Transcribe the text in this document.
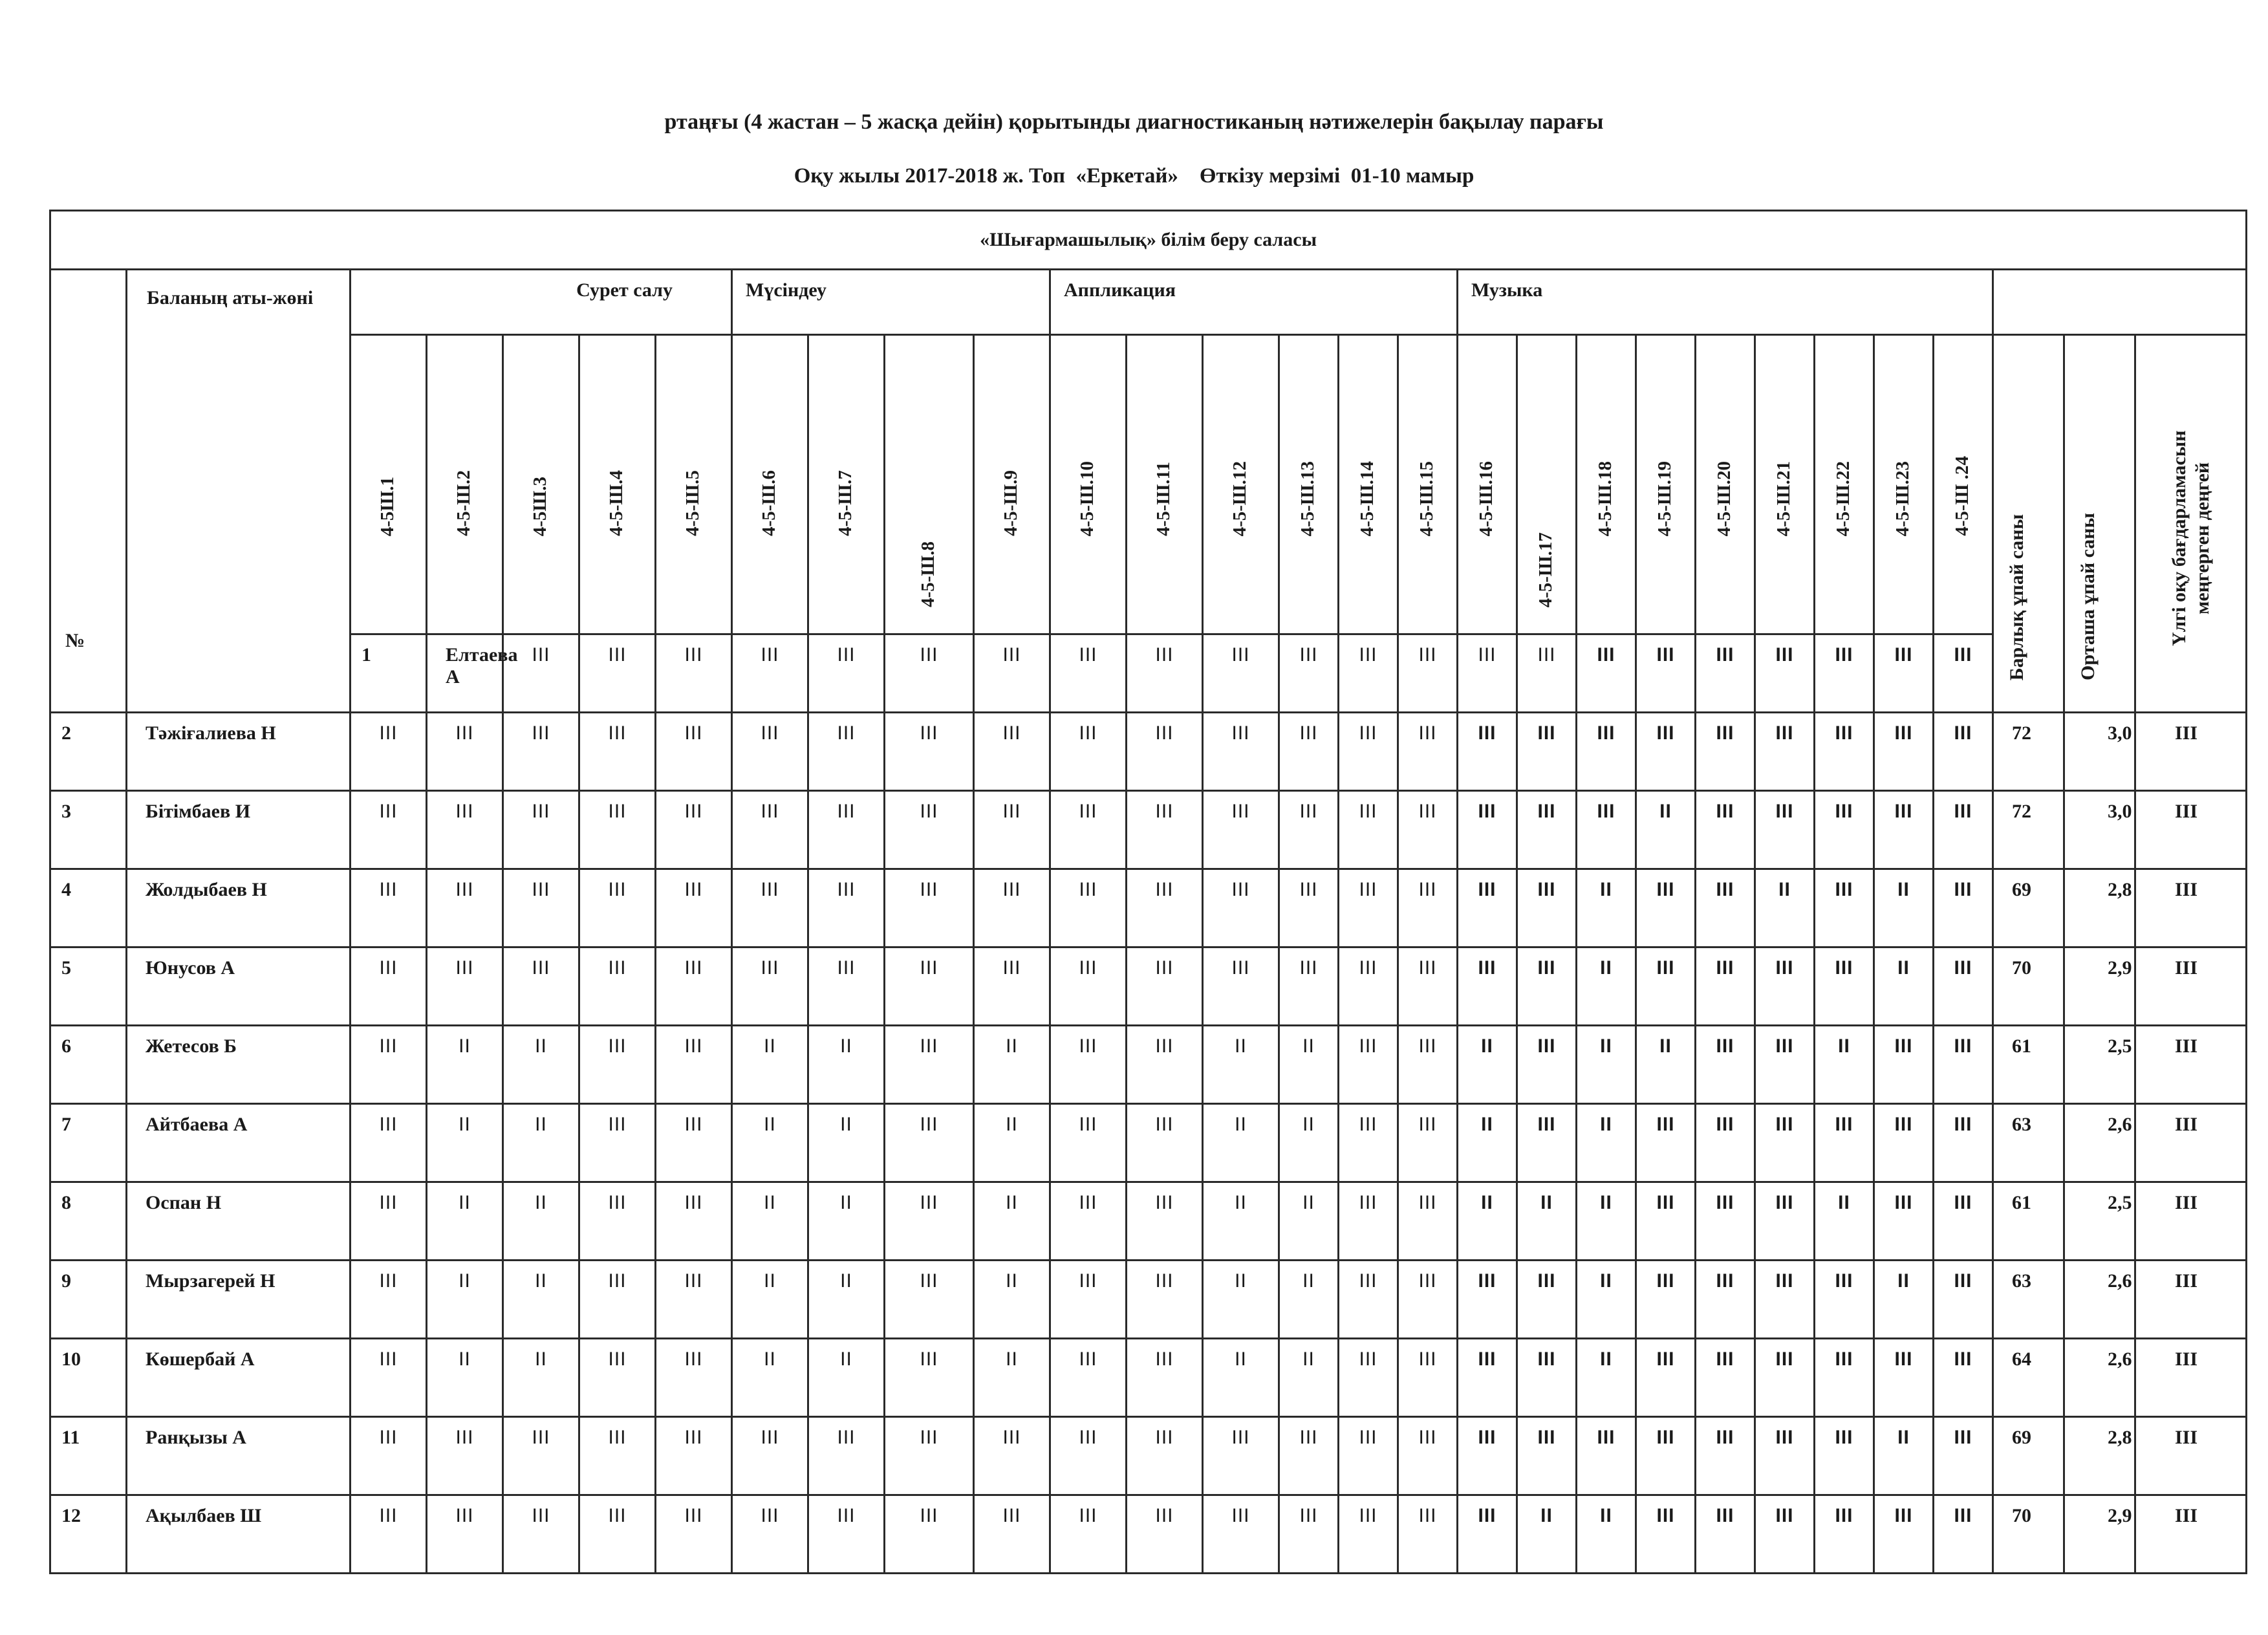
ртаңғы (4 жастан – 5 жасқа дейін) қорытынды диагностиканың нәтижелерін бақылау парағы
Оқу жылы 2017-2018 ж. Топ  «Еркетай»    Өткізу мерзімі  01-10 мамыр
«Шығармашылық» білім беру саласы																													
№	Баланың аты-жөні	Сурет салу					Мүсіндеу				Аппликация						Музыка												

		4-5Ш.1	4-5-Ш.2	4-5Ш.3	4-5-Ш.4	4-5-Ш.5	4-5-Ш.6	4-5-Ш.7	4-5-Ш.8	4-5-Ш.9	4-5-Ш.10	4-5-Ш.11	4-5-Ш.12	4-5-Ш.13	4-5-Ш.14	4-5-Ш.15	4-5-Ш.16	4-5-Ш.17	4-5-Ш.18	4-5-Ш.19	4-5-Ш.20	4-5-Ш.21	4-5-Ш.22	4-5-Ш.23	4-5-Ш .24	Барлық ұпай саны	Орташа ұпай саны	Үлгі оқу бағдарламасын меңгерген деңгей	

		1	Елтаева А	III	III	III	III	III	III	III	III	III	III	III	III	III	III	III	III	III	III	III	III	III	III					
2	Тәжіғалиева Н	III	III	III	III	III	III	III	III	III	III	III	III	III	III	III	III	III	III	III	III	III	III	III	III	72	3,0	III	
3	Бітімбаев И	III	III	III	III	III	III	III	III	III	III	III	III	III	III	III	III	III	III	II	III	III	III	III	III	72	3,0	III	
4	Жолдыбаев Н	III	III	III	III	III	III	III	III	III	III	III	III	III	III	III	III	III	II	III	III	II	III	II	III	69	2,8	III	
5	Юнусов А	III	III	III	III	III	III	III	III	III	III	III	III	III	III	III	III	III	II	III	III	III	III	II	III	70	2,9	III	
6	Жетесов Б	III	II	II	III	III	II	II	III	II	III	III	II	II	III	III	II	III	II	II	III	III	II	III	III	61	2,5	III	
7	Айтбаева А	III	II	II	III	III	II	II	III	II	III	III	II	II	III	III	II	III	II	III	III	III	III	III	III	63	2,6	III	
8	Оспан Н	III	II	II	III	III	II	II	III	II	III	III	II	II	III	III	II	II	II	III	III	III	II	III	III	61	2,5	III	
9	Мырзагерей Н	III	II	II	III	III	II	II	III	II	III	III	II	II	III	III	III	III	II	III	III	III	III	II	III	63	2,6	III	
10	Көшербай А	III	II	II	III	III	II	II	III	II	III	III	II	II	III	III	III	III	II	III	III	III	III	III	III	64	2,6	III	
11	Ранқызы А	III	III	III	III	III	III	III	III	III	III	III	III	III	III	III	III	III	III	III	III	III	III	II	III	69	2,8	III	
12	Ақылбаев Ш	III	III	III	III	III	III	III	III	III	III	III	III	III	III	III	III	II	II	III	III	III	III	III	III	70	2,9	III	
